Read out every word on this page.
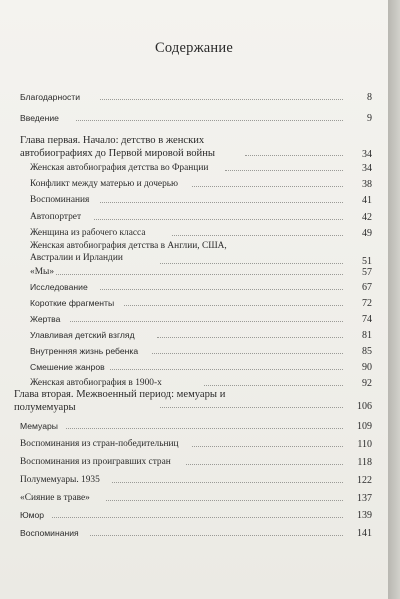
Содержание
Благодарности	8
Введение	9
Глава первая. Начало: детство в женских автобиографиях до Первой мировой войны	34
Женская автобиография детства во Франции	34
Конфликт между матерью и дочерью	38
Воспоминания	41
Автопортрет	42
Женщина из рабочего класса	49
Женская автобиография детства в Англии, США, Австралии и Ирландии	51
«Мы»	57
Исследование	67
Короткие фрагменты	72
Жертва	74
Улавливая детский взгляд	81
Внутренняя жизнь ребенка	85
Смешение жанров	90
Женская автобиография в 1900-х	92
Глава вторая. Межвоенный период: мемуары и полумемуары	106
Мемуары	109
Воспоминания из стран-победительниц	110
Воспоминания из проигравших стран	118
Полумемуары. 1935	122
«Сияние в траве»	137
Юмор	139
Воспоминания	141
